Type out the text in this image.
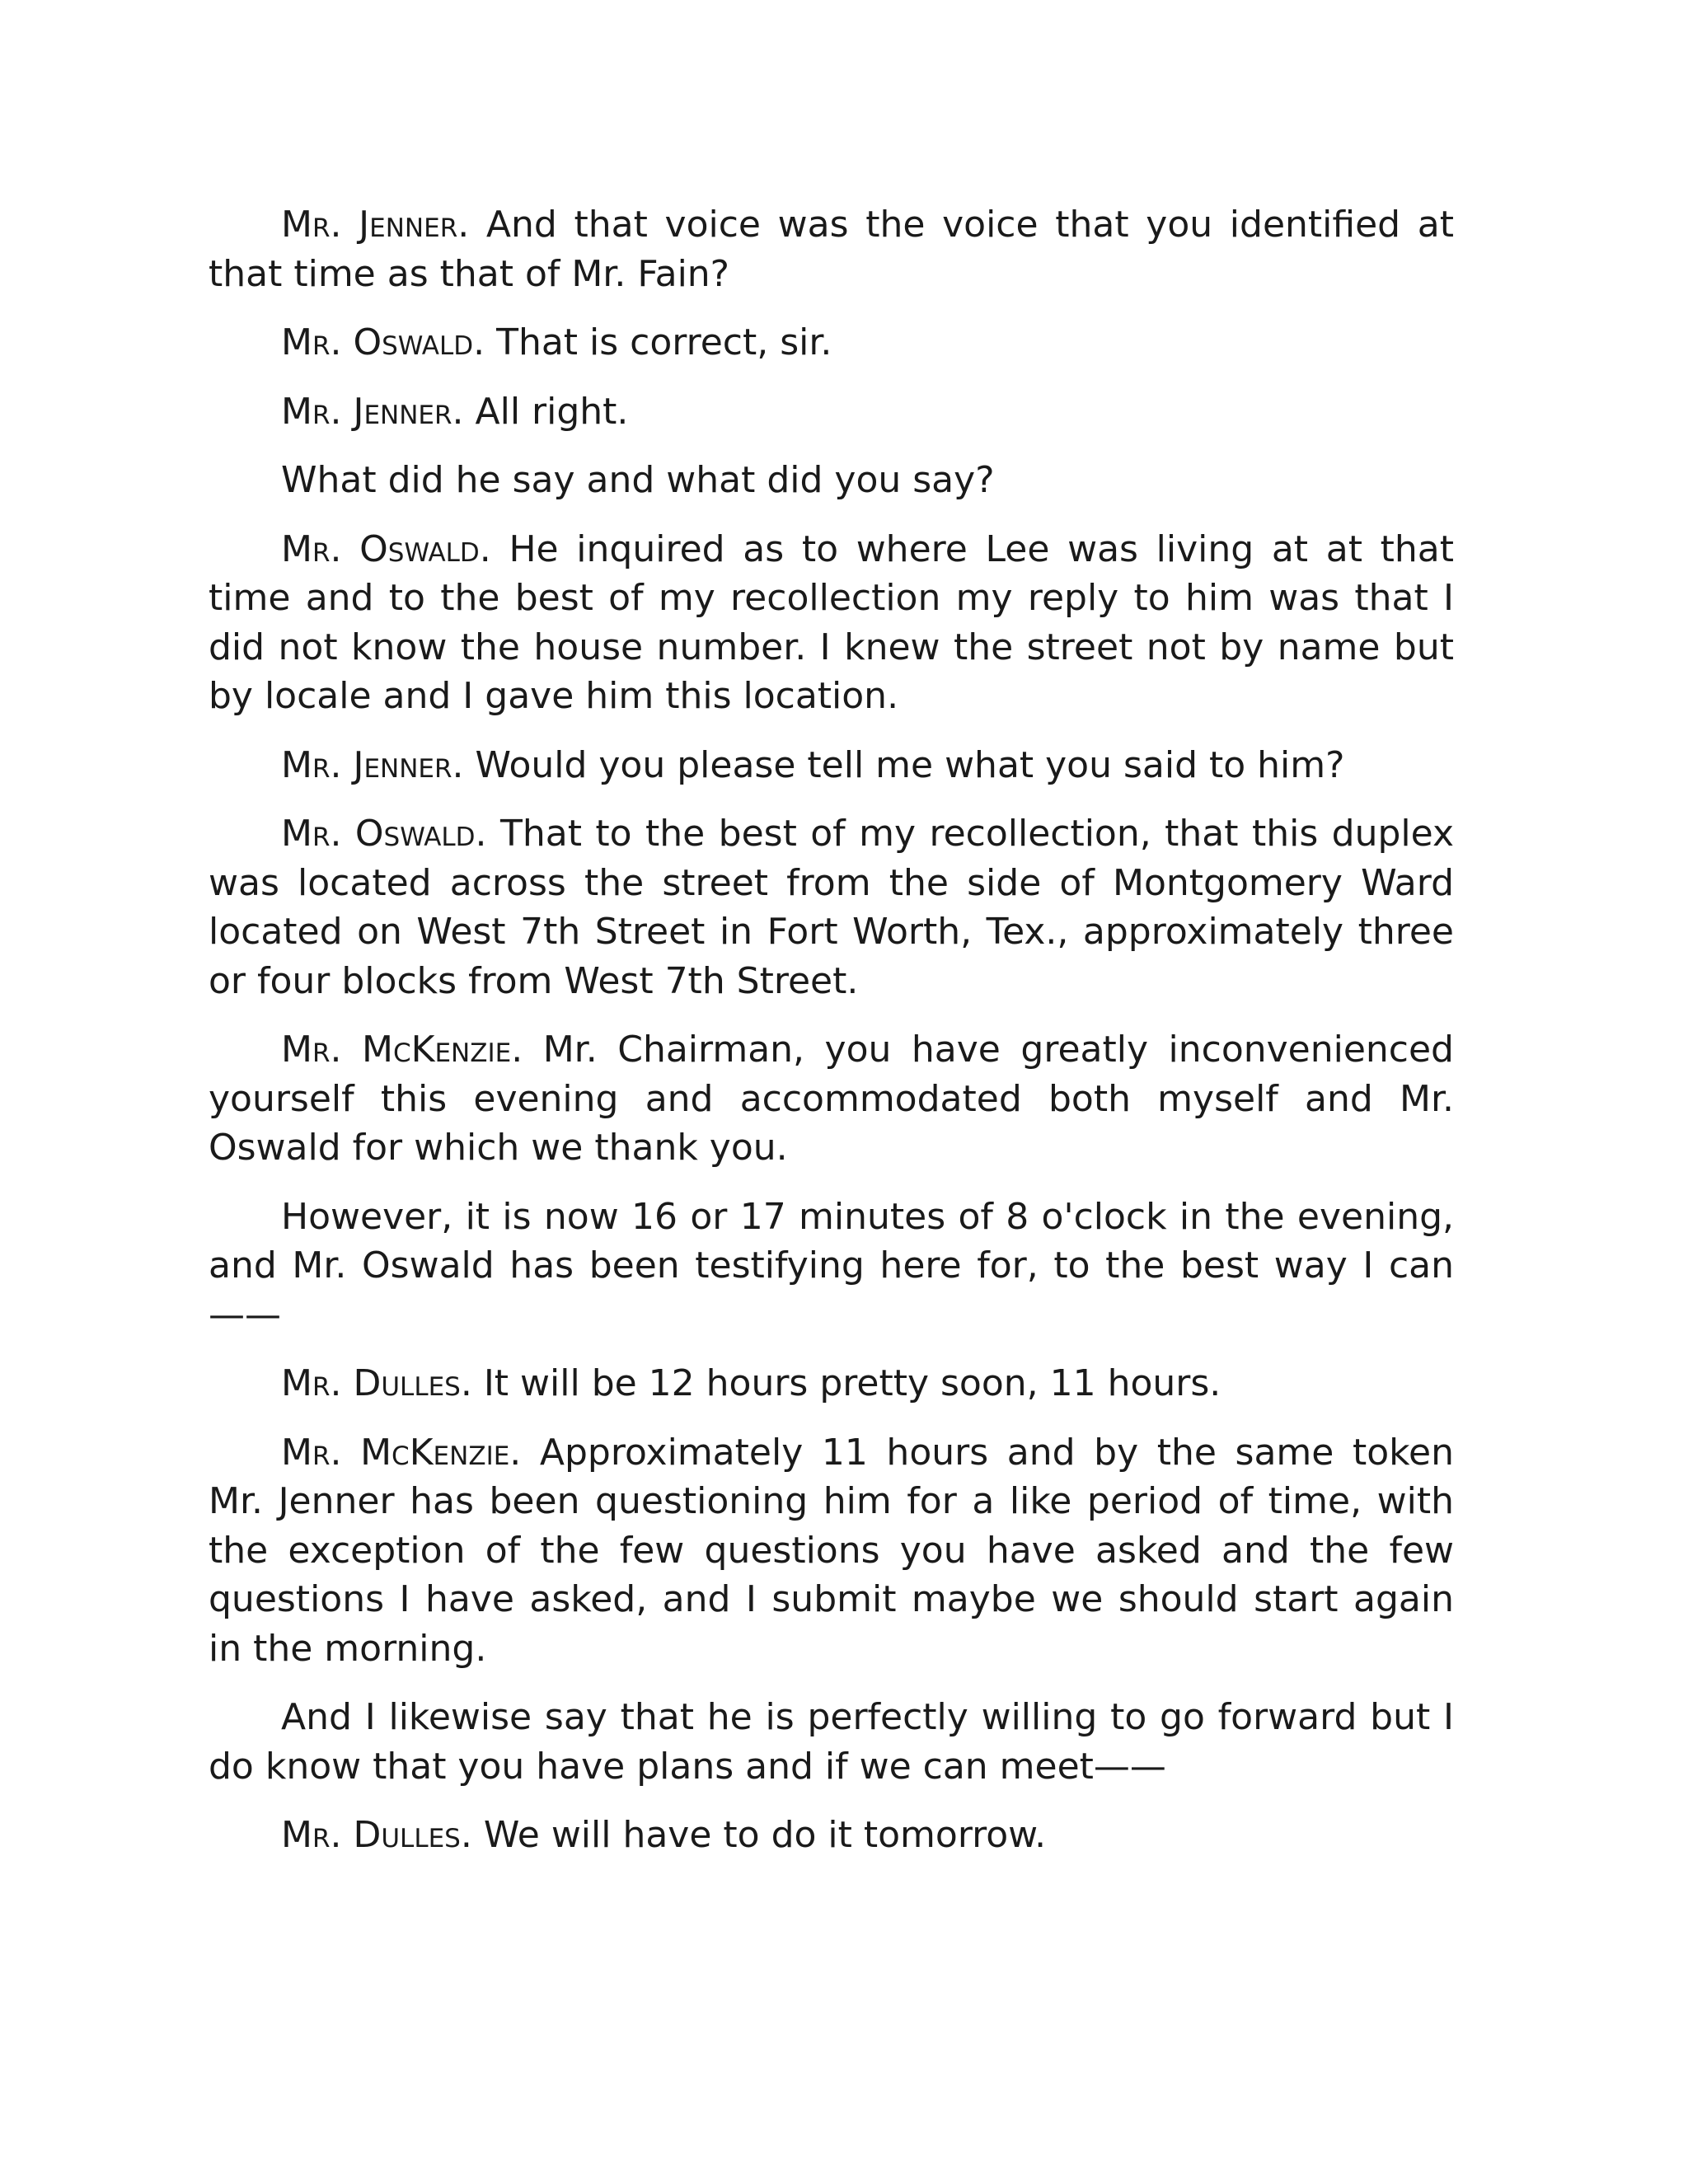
Mr. Jenner. And that voice was the voice that you identified at that time as that of Mr. Fain?

Mr. Oswald. That is correct, sir.

Mr. Jenner. All right.

What did he say and what did you say?

Mr. Oswald. He inquired as to where Lee was living at at that time and to the best of my recollection my reply to him was that I did not know the house number. I knew the street not by name but by locale and I gave him this location.

Mr. Jenner. Would you please tell me what you said to him?

Mr. Oswald. That to the best of my recollection, that this duplex was located across the street from the side of Montgomery Ward located on West 7th Street in Fort Worth, Tex., approximately three or four blocks from West 7th Street.

Mr. McKenzie. Mr. Chairman, you have greatly inconvenienced yourself this evening and accommodated both myself and Mr. Oswald for which we thank you.

However, it is now 16 or 17 minutes of 8 o'clock in the evening, and Mr. Oswald has been testifying here for, to the best way I can——

Mr. Dulles. It will be 12 hours pretty soon, 11 hours.

Mr. McKenzie. Approximately 11 hours and by the same token Mr. Jenner has been questioning him for a like period of time, with the exception of the few questions you have asked and the few questions I have asked, and I submit maybe we should start again in the morning.

And I likewise say that he is perfectly willing to go forward but I do know that you have plans and if we can meet——

Mr. Dulles. We will have to do it tomorrow.
